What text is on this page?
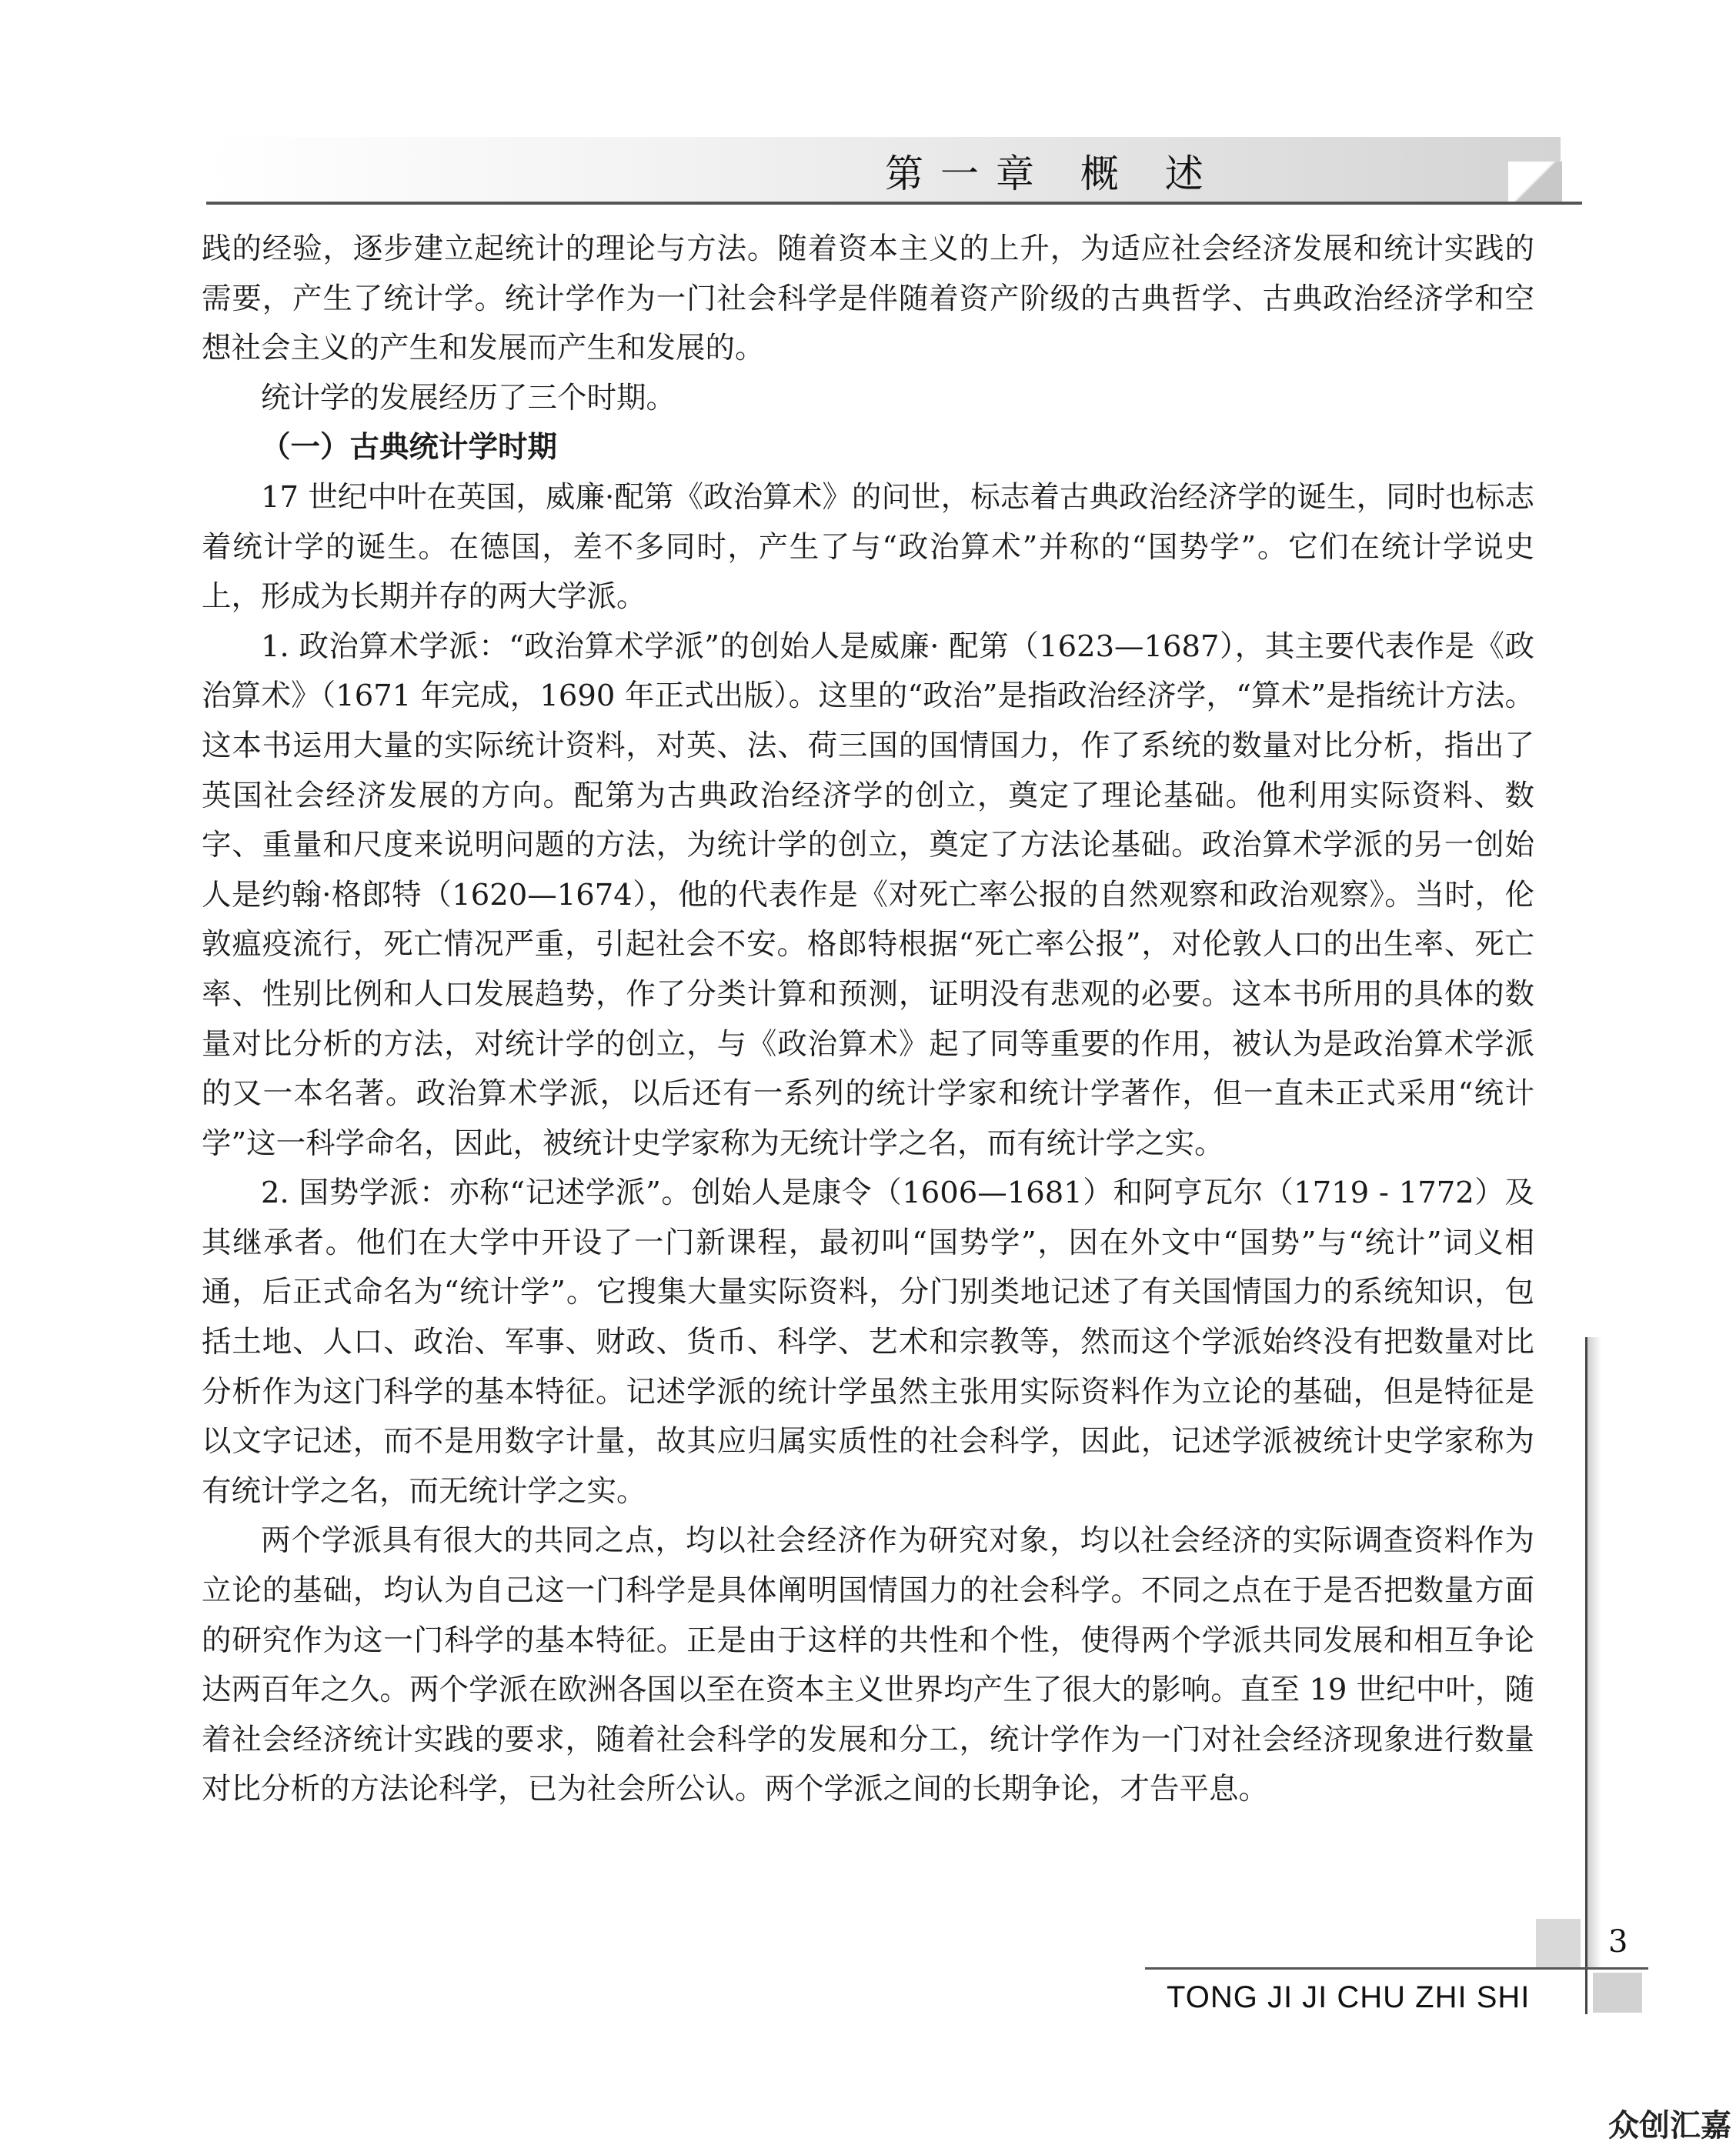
第一章 概 述

践的经验，逐步建立起统计的理论与方法。随着资本主义的上升，为适应社会经济发展和统计实践的需要，产生了统计学。统计学作为一门社会科学是伴随着资产阶级的古典哲学、古典政治经济学和空想社会主义的产生和发展而产生和发展的。

统计学的发展经历了三个时期。

（一）古典统计学时期

17 世纪中叶在英国，威廉·配第《政治算术》的问世，标志着古典政治经济学的诞生，同时也标志着统计学的诞生。在德国，差不多同时，产生了与“政治算术”并称的“国势学”。它们在统计学说史上，形成为长期并存的两大学派。

1. 政治算术学派：“政治算术学派”的创始人是威廉· 配第（1623—1687），其主要代表作是《政治算术》（1671 年完成，1690 年正式出版）。这里的“政治”是指政治经济学，“算术”是指统计方法。这本书运用大量的实际统计资料，对英、法、荷三国的国情国力，作了系统的数量对比分析，指出了英国社会经济发展的方向。配第为古典政治经济学的创立，奠定了理论基础。他利用实际资料、数字、重量和尺度来说明问题的方法，为统计学的创立，奠定了方法论基础。政治算术学派的另一创始人是约翰·格郎特（1620—1674），他的代表作是《对死亡率公报的自然观察和政治观察》。当时，伦敦瘟疫流行，死亡情况严重，引起社会不安。格郎特根据“死亡率公报”，对伦敦人口的出生率、死亡率、性别比例和人口发展趋势，作了分类计算和预测，证明没有悲观的必要。这本书所用的具体的数量对比分析的方法，对统计学的创立，与《政治算术》起了同等重要的作用，被认为是政治算术学派的又一本名著。政治算术学派，以后还有一系列的统计学家和统计学著作，但一直未正式采用“统计学”这一科学命名，因此，被统计史学家称为无统计学之名，而有统计学之实。

2. 国势学派：亦称“记述学派”。创始人是康令（1606—1681）和阿亨瓦尔（1719 - 1772）及其继承者。他们在大学中开设了一门新课程，最初叫“国势学”，因在外文中“国势”与“统计”词义相通，后正式命名为“统计学”。它搜集大量实际资料，分门别类地记述了有关国情国力的系统知识，包括土地、人口、政治、军事、财政、货币、科学、艺术和宗教等，然而这个学派始终没有把数量对比分析作为这门科学的基本特征。记述学派的统计学虽然主张用实际资料作为立论的基础，但是特征是以文字记述，而不是用数字计量，故其应归属实质性的社会科学，因此，记述学派被统计史学家称为有统计学之名，而无统计学之实。

两个学派具有很大的共同之点，均以社会经济作为研究对象，均以社会经济的实际调查资料作为立论的基础，均认为自己这一门科学是具体阐明国情国力的社会科学。不同之点在于是否把数量方面的研究作为这一门科学的基本特征。正是由于这样的共性和个性，使得两个学派共同发展和相互争论达两百年之久。两个学派在欧洲各国以至在资本主义世界均产生了很大的影响。直至 19 世纪中叶，随着社会经济统计实践的要求，随着社会科学的发展和分工，统计学作为一门对社会经济现象进行数量对比分析的方法论科学，已为社会所公认。两个学派之间的长期争论，才告平息。

3
TONG JI JI CHU ZHI SHI
众创汇嘉
